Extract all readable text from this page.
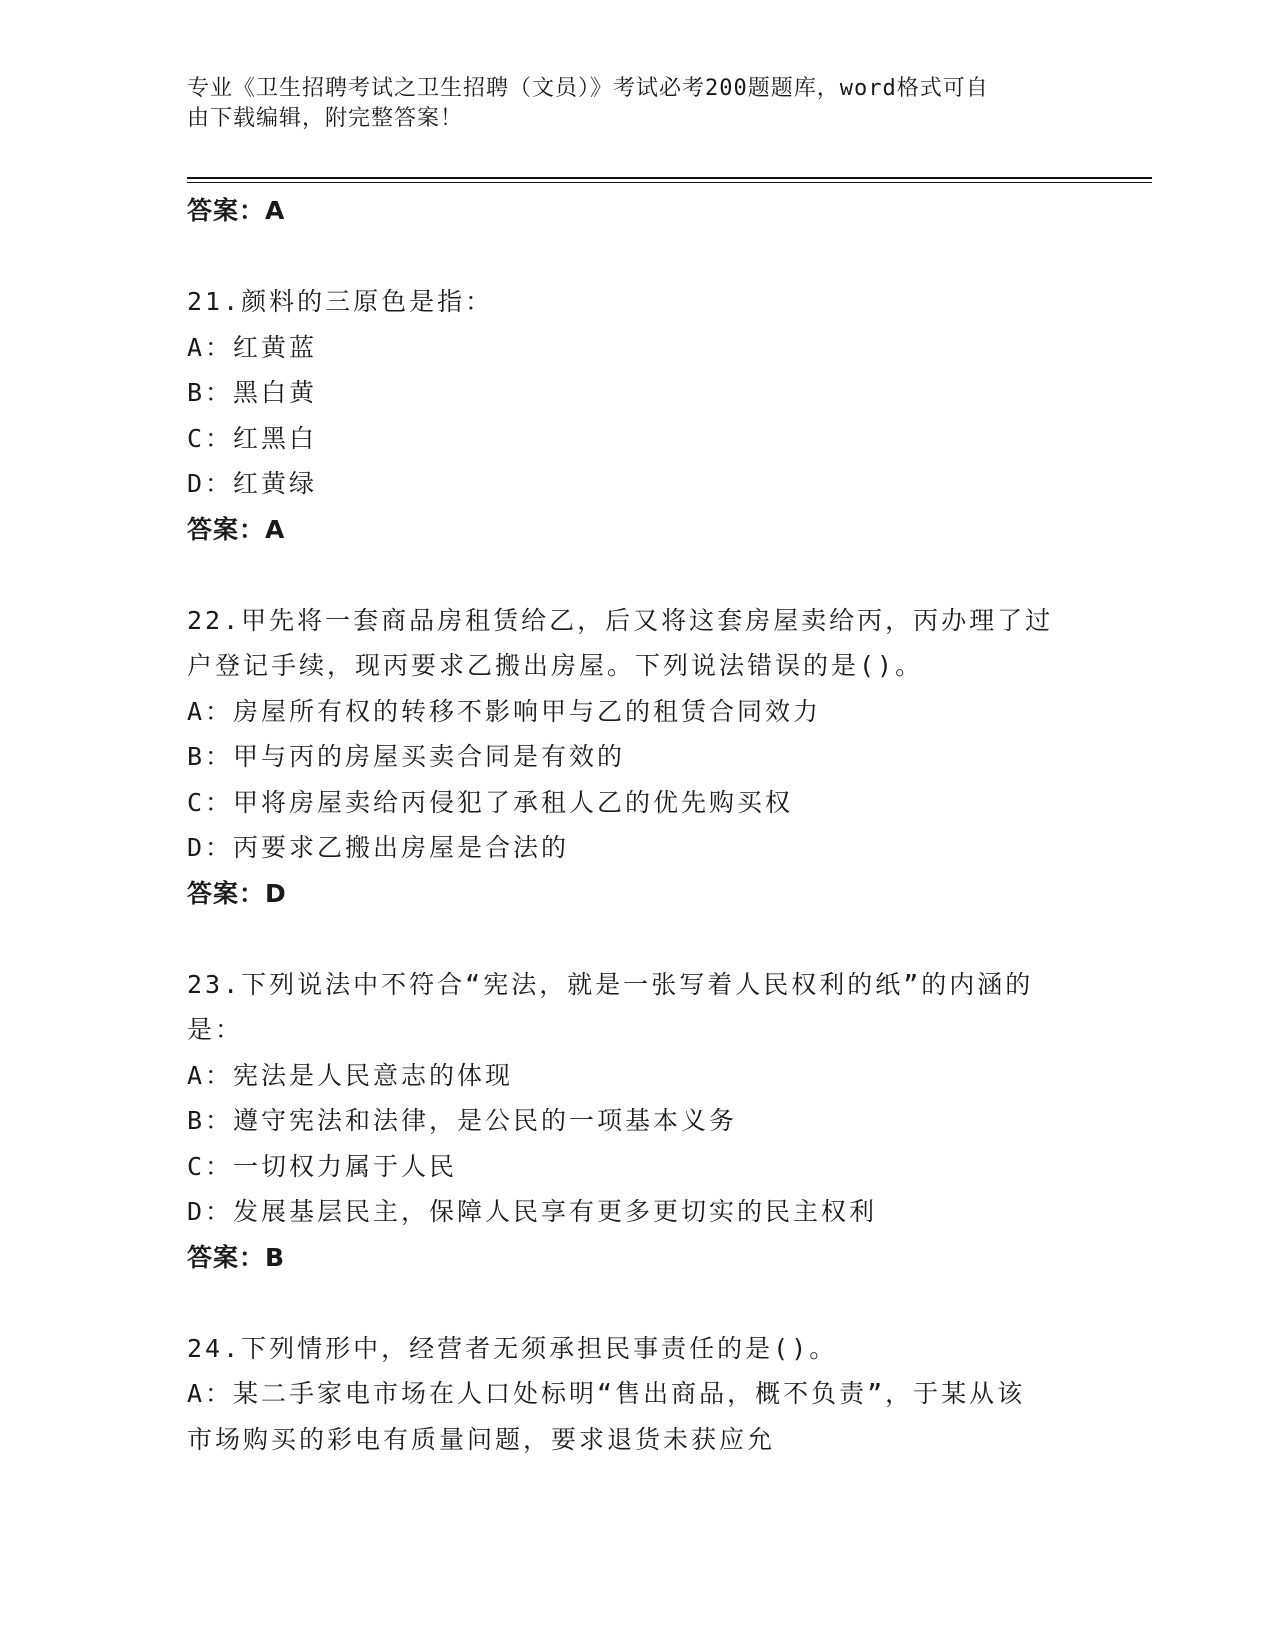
专业《卫生招聘考试之卫生招聘（文员）》考试必考200题题库，word格式可自
由下载编辑，附完整答案！
答案：A
21.颜料的三原色是指：
A：红黄蓝
B：黑白黄
C：红黑白
D：红黄绿
答案：A
22.甲先将一套商品房租赁给乙，后又将这套房屋卖给丙，丙办理了过
户登记手续，现丙要求乙搬出房屋。下列说法错误的是()。
A：房屋所有权的转移不影响甲与乙的租赁合同效力
B：甲与丙的房屋买卖合同是有效的
C：甲将房屋卖给丙侵犯了承租人乙的优先购买权
D：丙要求乙搬出房屋是合法的
答案：D
23.下列说法中不符合“宪法，就是一张写着人民权利的纸”的内涵的
是：
A：宪法是人民意志的体现
B：遵守宪法和法律，是公民的一项基本义务
C：一切权力属于人民
D：发展基层民主，保障人民享有更多更切实的民主权利
答案：B
24.下列情形中，经营者无须承担民事责任的是()。
A：某二手家电市场在人口处标明“售出商品，概不负责”，于某从该
市场购买的彩电有质量问题，要求退货未获应允
